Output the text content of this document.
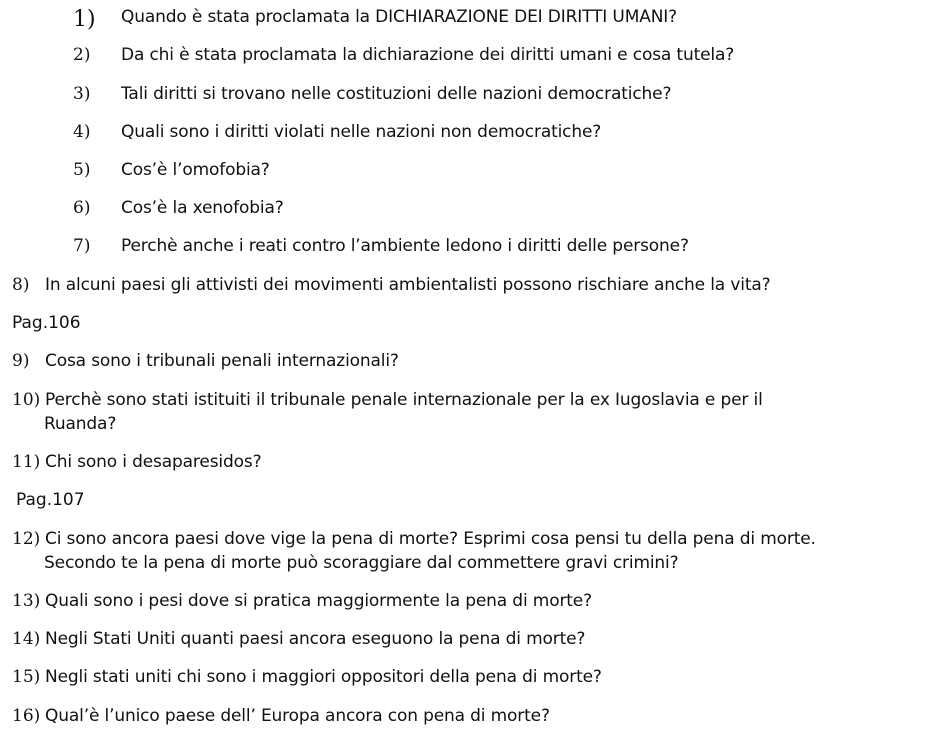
1) Quando è stata proclamata la DICHIARAZIONE DEI DIRITTI UMANI?
2) Da chi è stata proclamata la dichiarazione dei diritti umani e cosa tutela?
3) Tali diritti si trovano nelle costituzioni delle nazioni democratiche?
4) Quali sono i diritti violati nelle nazioni non democratiche?
5) Cos’è l’omofobia?
6) Cos’è la xenofobia?
7) Perchè anche i reati contro l’ambiente ledono i diritti delle persone?
8) In alcuni paesi gli attivisti dei movimenti ambientalisti possono rischiare anche la vita?
Pag.106
9) Cosa sono i tribunali penali internazionali?
10) Perchè sono stati istituiti il tribunale penale internazionale per la ex Iugoslavia e per il
Ruanda?
11) Chi sono i desaparesidos?
Pag.107
12) Ci sono ancora paesi dove vige la pena di morte? Esprimi cosa pensi tu della pena di morte.
Secondo te la pena di morte può scoraggiare dal commettere gravi crimini?
13) Quali sono i pesi dove si pratica maggiormente la pena di morte?
14) Negli Stati Uniti quanti paesi ancora eseguono la pena di morte?
15) Negli stati uniti chi sono i maggiori oppositori della pena di morte?
16) Qual’è l’unico paese dell’ Europa ancora con pena di morte?
